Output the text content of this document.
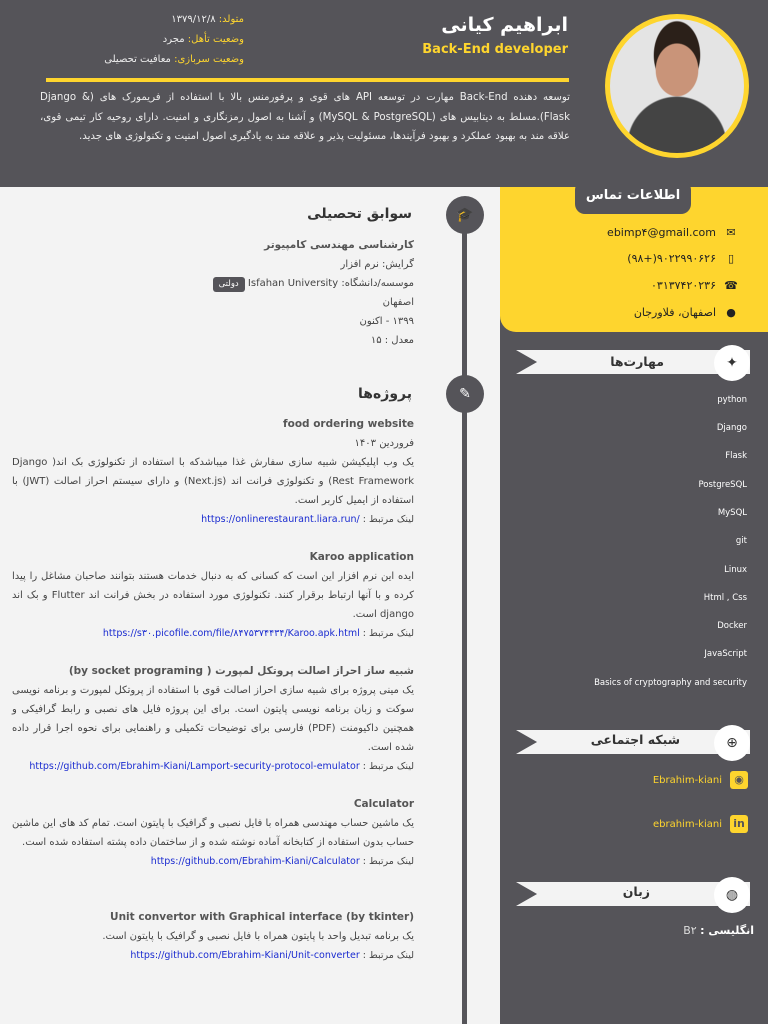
ابراهیم کیانی
Back-End developer
متولد: ۱۳۷۹/۱۲/۸
وضعیت تأهل: مجرد
وضعیت سربازی: معافیت تحصیلی
توسعه دهنده Back-End مهارت در توسعه API های قوی و پرفورمنس بالا با استفاده از فریمورک های (Django & Flask).مسلط به دیتابیس های (MySQL & PostgreSQL) و آشنا به اصول رمزنگاری و امنیت. دارای روحیه کار تیمی قوی، علاقه مند به بهبود عملکرد و بهبود فرآیندها، مسئولیت پذیر و علاقه مند به یادگیری اصول امنیت و تکنولوژی های جدید.
اطلاعات تماس
✉
ebimp۴@gmail.com
▯
(۹۸+)۹۰۲۲۹۹۰۶۲۶
☎
۰۳۱۳۷۴۲۰۲۳۶
●
اصفهان، فلاورجان
مهارت‌ها	✦
python
Django
Flask
PostgreSQL
MySQL
git
Linux
Html , Css
Docker
JavaScript
Basics of cryptography and security
شبکه اجتماعی	⊕
Ebrahim-kiani	◉
ebrahim-kiani in
زبان	◍
انگلیسی : B۲
🎓
سوابق تحصیلی
کارشناسی مهندسی کامپیوتر
گرایش: نرم افزار
موسسه/دانشگاه: Isfahan University دولتی
اصفهان
۱۳۹۹ - اکنون
معدل : ۱۵
✎
پروژه‌ها
food ordering website
فروردین ۱۴۰۳
یک وب اپلیکیشن شبیه سازی سفارش غذا میباشدکه با استفاده از تکنولوژی بک اند( Django Rest Framework) و تکنولوژی فرانت اند (Next.js) و دارای سیستم احراز اصالت (JWT) با استفاده از ایمیل کاربر است.
لینک مرتبط : https://onlinerestaurant.liara.run/
Karoo application
ایده این نرم افزار این است که کسانی که به دنبال خدمات هستند بتوانند صاحبان مشاغل را پیدا کرده و با آنها ارتباط برقرار کنند. تکنولوژی مورد استفاده در بخش فرانت اند Flutter و بک اند django است.
لینک مرتبط : https://s۳۰.picofile.com/file/۸۴۷۵۳۷۴۴۳۴/Karoo.apk.html
شبیه ساز احراز اصالت پروتکل لمپورت ( by socket programing)
یک مینی پروژه برای شبیه سازی احراز اصالت قوی با استفاده از پروتکل لمپورت و برنامه نویسی سوکت و زبان برنامه نویسی پایتون است. برای این پروژه فایل های نصبی و رابط گرافیکی و همچنین داکیومنت (PDF) فارسی برای توضیحات تکمیلی و راهنمایی برای نحوه اجرا قرار داده شده است.
لینک مرتبط : https://github.com/Ebrahim-Kiani/Lamport-security-protocol-emulator
Calculator
یک ماشین حساب مهندسی همراه با فایل نصبی و گرافیک با پایتون است. تمام کد های این ماشین حساب بدون استفاده از کتابخانه آماده نوشته شده و از ساختمان داده پشته استفاده شده است.
لینک مرتبط : https://github.com/Ebrahim-Kiani/Calculator
Unit convertor with Graphical interface (by tkinter)
یک برنامه تبدیل واحد با پایتون همراه با فایل نصبی و گرافیک با پایتون است.
لینک مرتبط : https://github.com/Ebrahim-Kiani/Unit-converter
